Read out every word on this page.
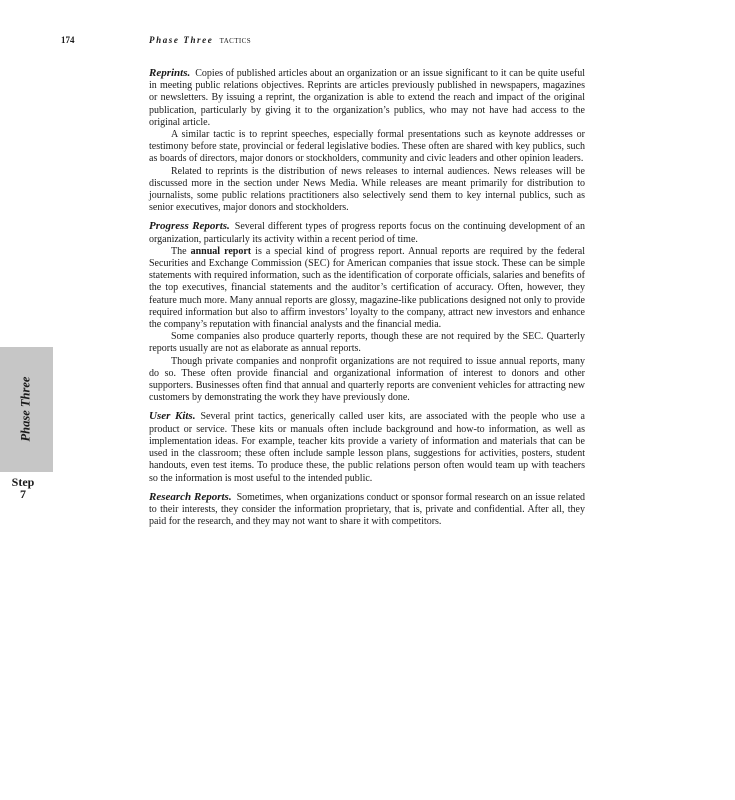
174	Phase Three TACTICS
Phase Three
Step
7

Reprints. Copies of published articles about an organization or an issue significant to it can be quite useful in meeting public relations objectives. Reprints are articles previously published in newspapers, magazines or newsletters. By issuing a reprint, the organization is able to extend the reach and impact of the original publication, particularly by giving it to the organization’s publics, who may not have had access to the original article.

A similar tactic is to reprint speeches, especially formal presentations such as keynote addresses or testimony before state, provincial or federal legislative bodies. These often are shared with key publics, such as boards of directors, major donors or stockholders, community and civic leaders and other opinion leaders.

Related to reprints is the distribution of news releases to internal audiences. News releases will be discussed more in the section under News Media. While releases are meant primarily for distribution to journalists, some public relations practitioners also selectively send them to key internal publics, such as senior executives, major donors and stockholders.

Progress Reports. Several different types of progress reports focus on the continuing development of an organization, particularly its activity within a recent period of time.

The annual report is a special kind of progress report. Annual reports are required by the federal Securities and Exchange Commission (SEC) for American companies that issue stock. These can be simple statements with required information, such as the identification of corporate officials, salaries and benefits of the top executives, financial statements and the auditor’s certification of accuracy. Often, however, they feature much more. Many annual reports are glossy, magazine-like publications designed not only to provide required information but also to affirm investors’ loyalty to the company, attract new investors and enhance the company’s reputation with financial analysts and the financial media.

Some companies also produce quarterly reports, though these are not required by the SEC. Quarterly reports usually are not as elaborate as annual reports.

Though private companies and nonprofit organizations are not required to issue annual reports, many do so. These often provide financial and organizational information of interest to donors and other supporters. Businesses often find that annual and quarterly reports are convenient vehicles for attracting new customers by demonstrating the work they have previously done.

User Kits. Several print tactics, generically called user kits, are associated with the people who use a product or service. These kits or manuals often include background and how-to information, as well as implementation ideas. For example, teacher kits provide a variety of information and materials that can be used in the classroom; these often include sample lesson plans, suggestions for activities, posters, student handouts, even test items. To produce these, the public relations person often would team up with teachers so the information is most useful to the intended public.

Research Reports. Sometimes, when organizations conduct or sponsor formal research on an issue related to their interests, they consider the information proprietary, that is, private and confidential. After all, they paid for the research, and they may not want to share it with competitors.
